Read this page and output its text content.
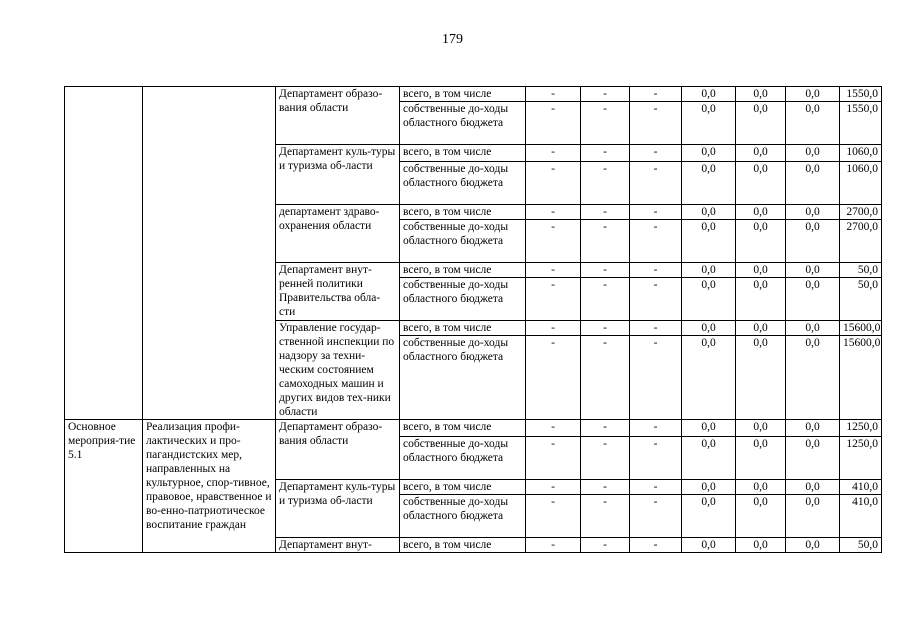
179
		Департамент образо-вания области	всего, в том числе	-	-	-	0,0	0,0	0,0	1550,0
			собственные до-ходы областного бюджета	-	-	-	0,0	0,0	0,0	1550,0
		Департамент куль-туры и туризма об-ласти	всего, в том числе	-	-	-	0,0	0,0	0,0	1060,0
			собственные до-ходы областного бюджета	-	-	-	0,0	0,0	0,0	1060,0
		департамент здраво-охранения области	всего, в том числе	-	-	-	0,0	0,0	0,0	2700,0
			собственные до-ходы областного бюджета	-	-	-	0,0	0,0	0,0	2700,0
		Департамент внут-ренней политики Правительства обла-сти	всего, в том числе	-	-	-	0,0	0,0	0,0	50,0
			собственные до-ходы областного бюджета	-	-	-	0,0	0,0	0,0	50,0
		Управление государ-ственной инспекции по надзору за техни-ческим состоянием самоходных машин и других видов тех-ники области	всего, в том числе	-	-	-	0,0	0,0	0,0	15600,0
			собственные до-ходы областного бюджета	-	-	-	0,0	0,0	0,0	15600,0
Основное мероприя-тие 5.1	Реализация профи-лактических и про-пагандистских мер, направленных на культурное, спор-тивное, правовое, нравственное и во-енно-патриотическое воспитание граждан	Департамент образо-вания области	всего, в том числе	-	-	-	0,0	0,0	0,0	1250,0
			собственные до-ходы областного бюджета	-	-	-	0,0	0,0	0,0	1250,0
		Департамент куль-туры и туризма об-ласти	всего, в том числе	-	-	-	0,0	0,0	0,0	410,0
			собственные до-ходы областного бюджета	-	-	-	0,0	0,0	0,0	410,0
		Департамент внут-	всего, в том числе	-	-	-	0,0	0,0	0,0	50,0
